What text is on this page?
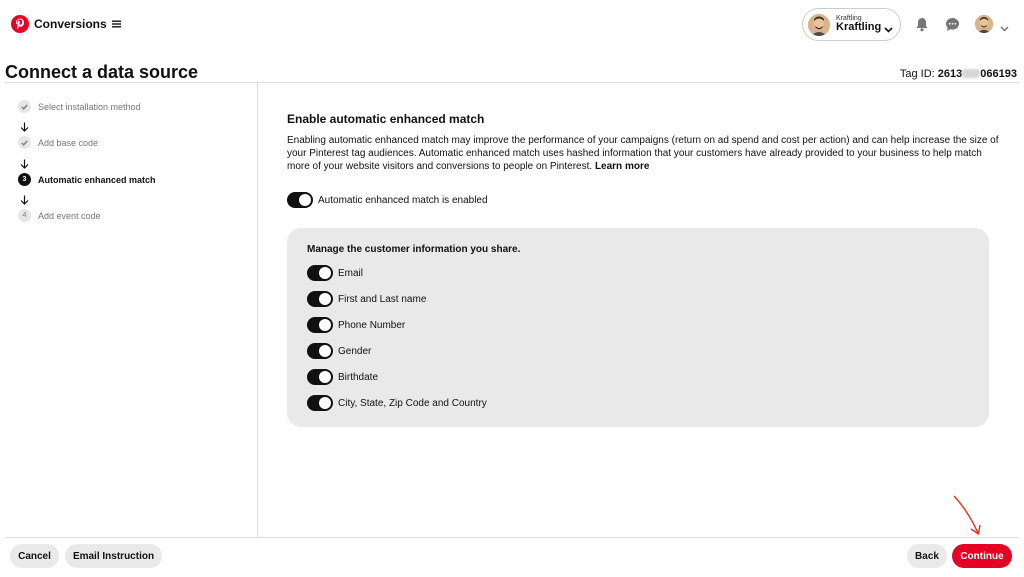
Conversions	Kraftling
Kraftling
Connect a data source	Tag ID: 2613 066193
Select installation method
Add base code
3	Automatic enhanced match
4	Add event code
Enable automatic enhanced match

Enabling automatic enhanced match may improve the performance of your campaigns (return on ad spend and cost per action) and can help increase the size of your Pinterest tag audiences. Automatic enhanced match uses hashed information that your customers have already provided to your business to help match more of your website visitors and conversions to people on Pinterest. Learn more

Automatic enhanced match is enabled
Manage the customer information you share.
Email
First and Last name
Phone Number
Gender
Birthdate
City, State, Zip Code and Country
Cancel	Email Instruction	Back	Continue
